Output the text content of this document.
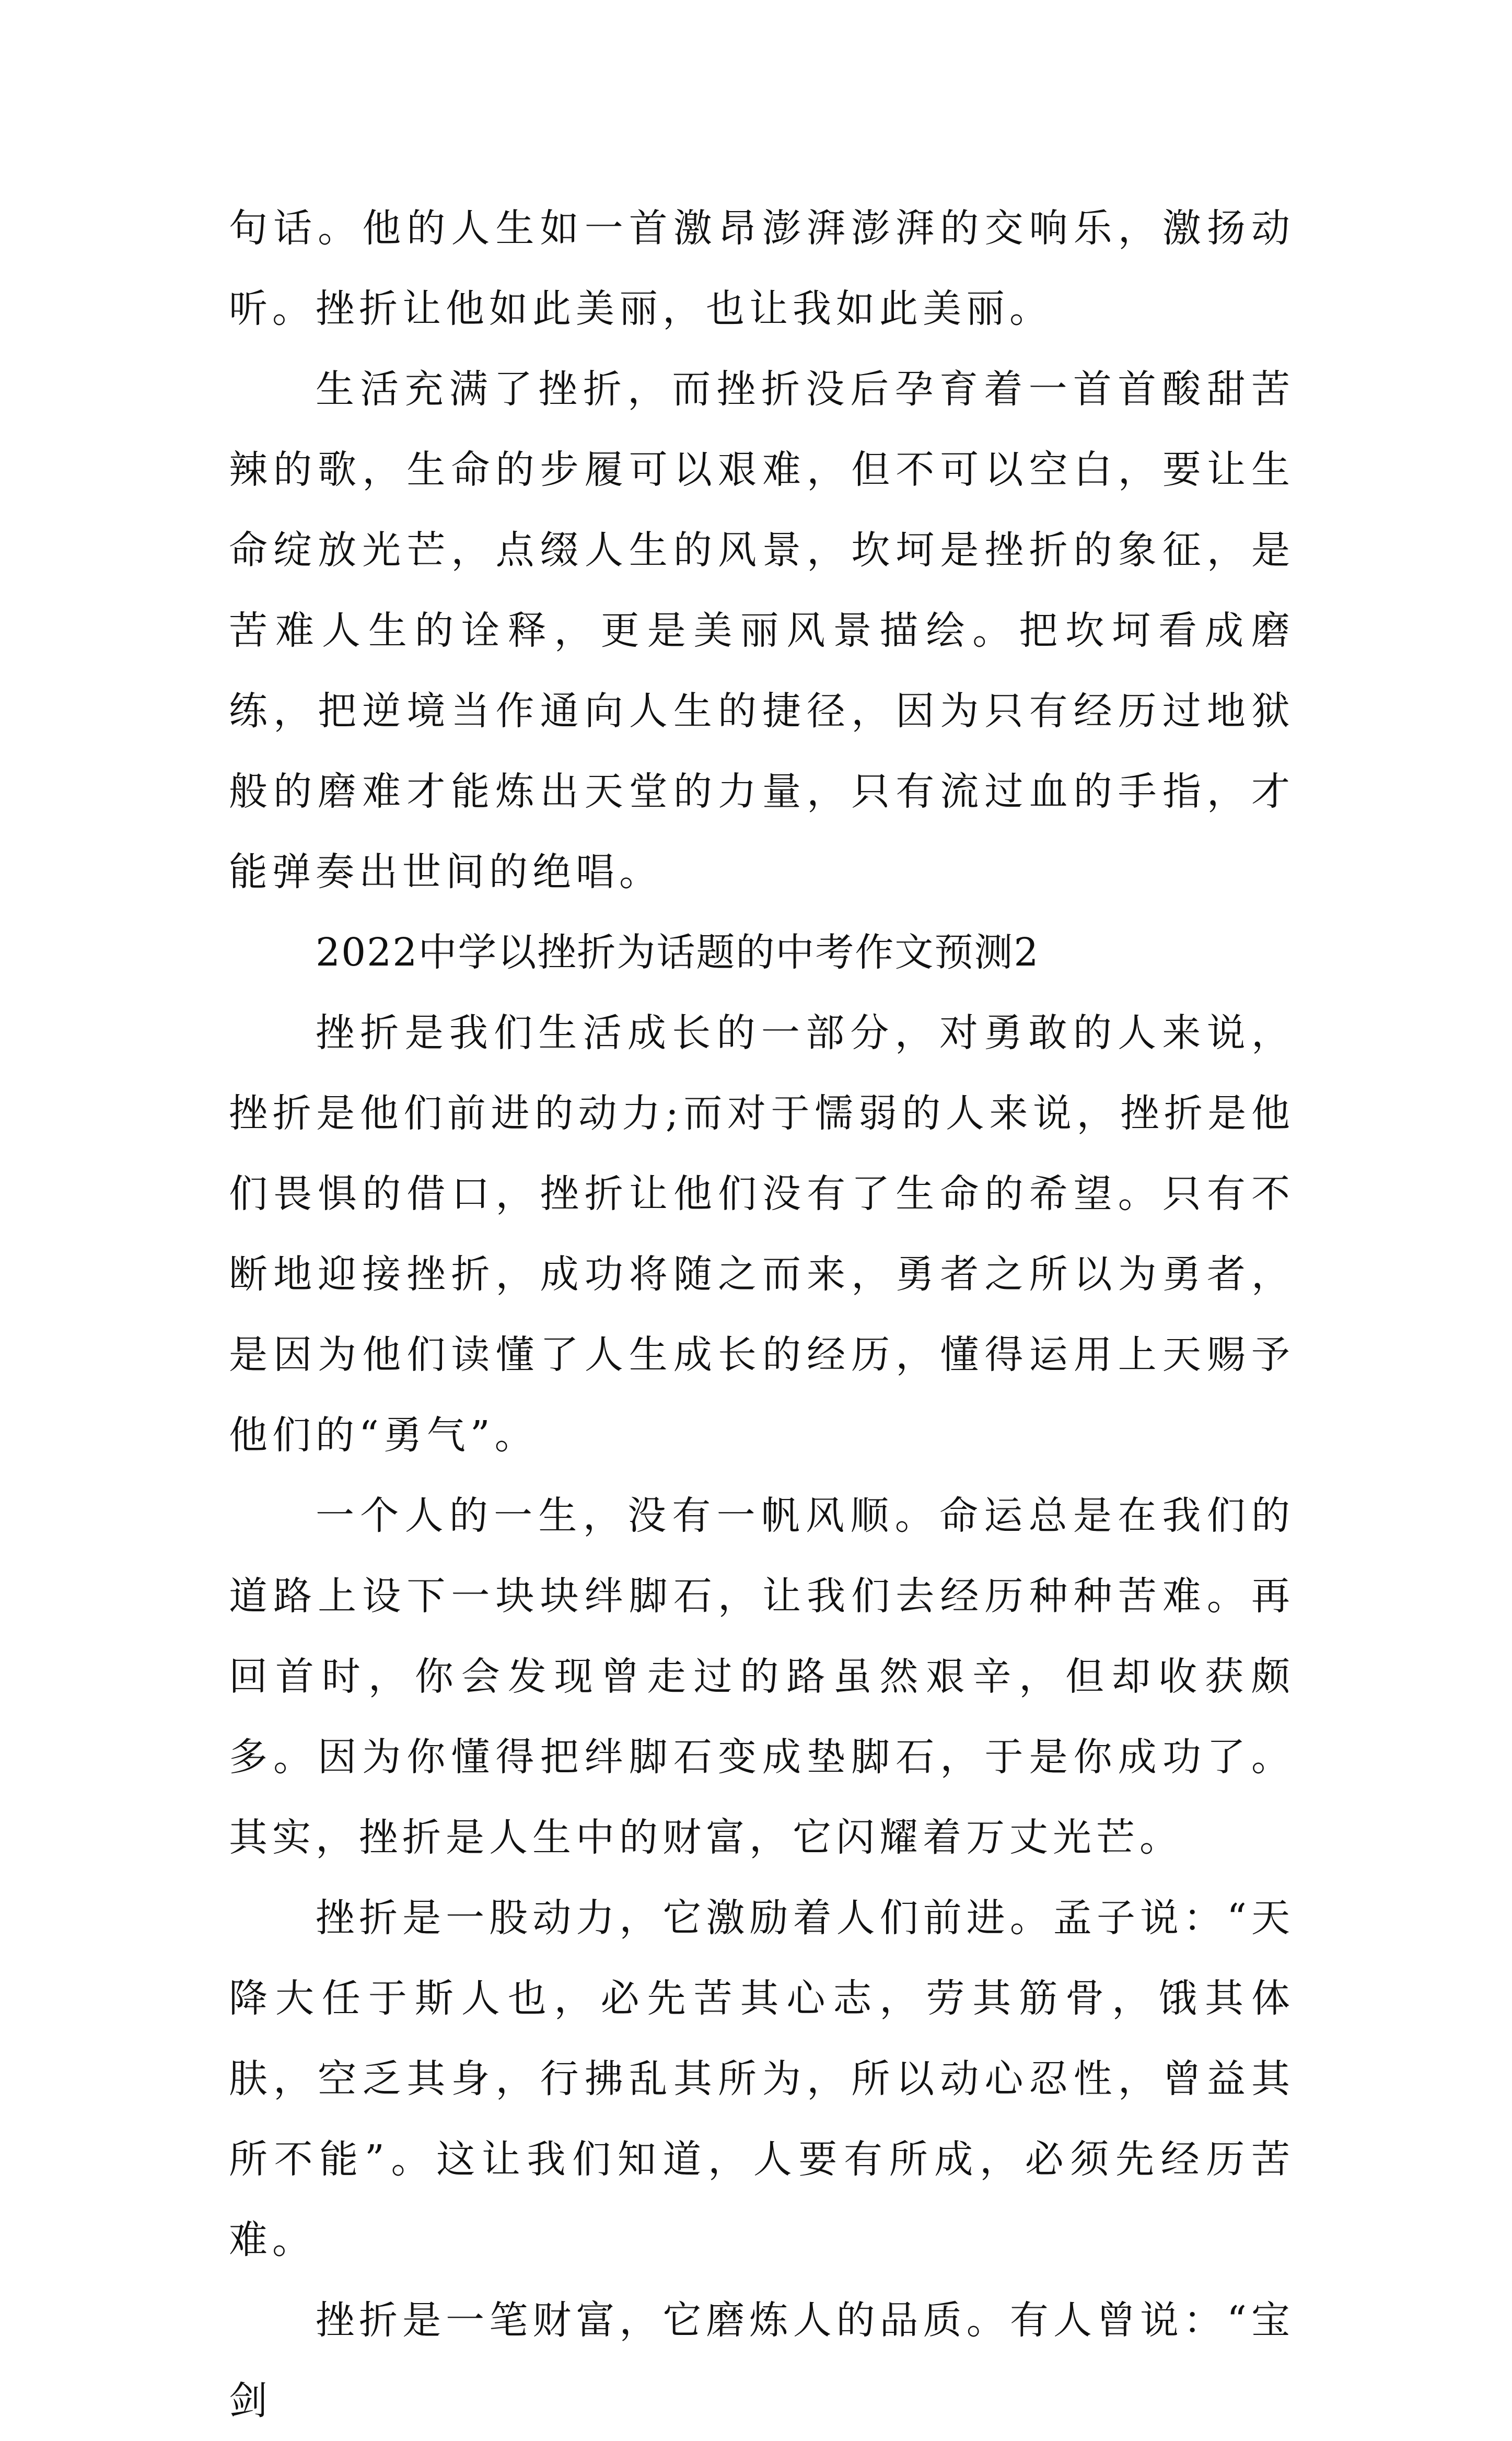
句话。他的人生如一首激昂澎湃澎湃的交响乐，激扬动听。挫折让他如此美丽，也让我如此美丽。

生活充满了挫折，而挫折没后孕育着一首首酸甜苦辣的歌，生命的步履可以艰难，但不可以空白，要让生命绽放光芒，点缀人生的风景，坎坷是挫折的象征，是苦难人生的诠释，更是美丽风景描绘。把坎坷看成磨练，把逆境当作通向人生的捷径，因为只有经历过地狱般的磨难才能炼出天堂的力量，只有流过血的手指，才能弹奏出世间的绝唱。

2022中学以挫折为话题的中考作文预测2

挫折是我们生活成长的一部分，对勇敢的人来说，挫折是他们前进的动力;而对于懦弱的人来说，挫折是他们畏惧的借口，挫折让他们没有了生命的希望。只有不断地迎接挫折，成功将随之而来，勇者之所以为勇者，是因为他们读懂了人生成长的经历，懂得运用上天赐予他们的“勇气”。

一个人的一生，没有一帆风顺。命运总是在我们的道路上设下一块块绊脚石，让我们去经历种种苦难。再回首时，你会发现曾走过的路虽然艰辛，但却收获颇多。因为你懂得把绊脚石变成垫脚石，于是你成功了。其实，挫折是人生中的财富，它闪耀着万丈光芒。

挫折是一股动力，它激励着人们前进。孟子说：“天降大任于斯人也，必先苦其心志，劳其筋骨，饿其体肤，空乏其身，行拂乱其所为，所以动心忍性，曾益其所不能”。这让我们知道，人要有所成，必须先经历苦难。

挫折是一笔财富，它磨炼人的品质。有人曾说：“宝剑
